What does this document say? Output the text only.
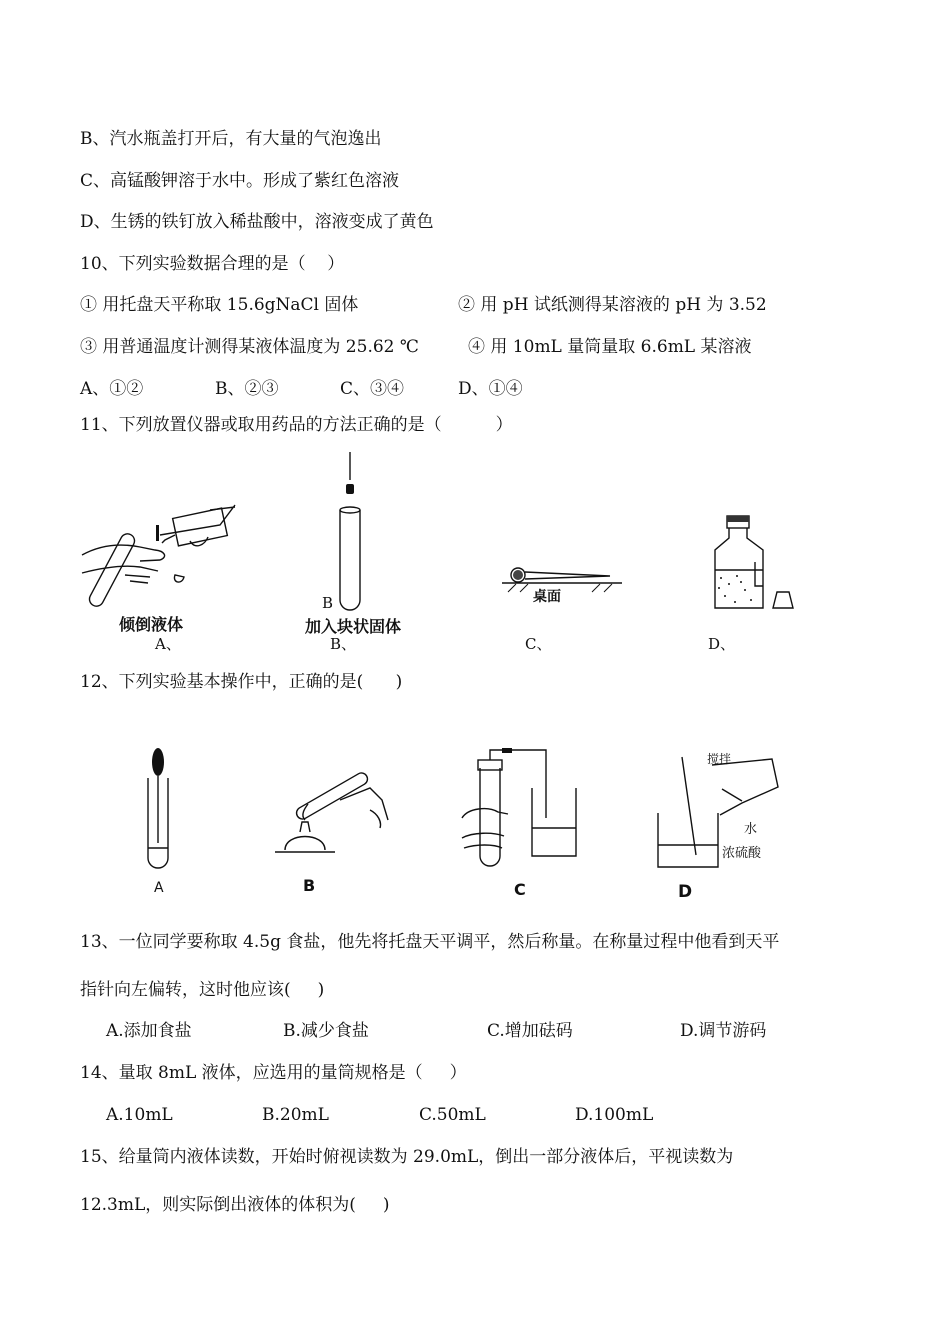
B、汽水瓶盖打开后，有大量的气泡逸出
C、高锰酸钾溶于水中。形成了紫红色溶液
D、生锈的铁钉放入稀盐酸中，溶液变成了黄色
10、下列实验数据合理的是（    ）
① 用托盘天平称取 15.6gNaCl 固体	② 用 pH 试纸测得某溶液的 pH 为 3.52
③ 用普通温度计测得某液体温度为 25.62 ℃	④ 用 10mL 量筒量取 6.6mL 某溶液
A、①②	B、②③	C、③④	D、①④
11、下列放置仪器或取用药品的方法正确的是（          ）
倾倒液体
A、
B
加入块状固体
B、
桌面
C、	D、
12、下列实验基本操作中，正确的是(      )
A	B	C
搅拌
水
浓硫酸
D
13、一位同学要称取 4.5g 食盐，他先将托盘天平调平，然后称量。在称量过程中他看到天平
指针向左偏转，这时他应该(     )
A.添加食盐	B.减少食盐	C.增加砝码	D.调节游码
14、量取 8mL 液体，应选用的量筒规格是（     ）
A.10mL	B.20mL	C.50mL	D.100mL
15、给量筒内液体读数，开始时俯视读数为 29.0mL，倒出一部分液体后，平视读数为
12.3mL，则实际倒出液体的体积为(     )
